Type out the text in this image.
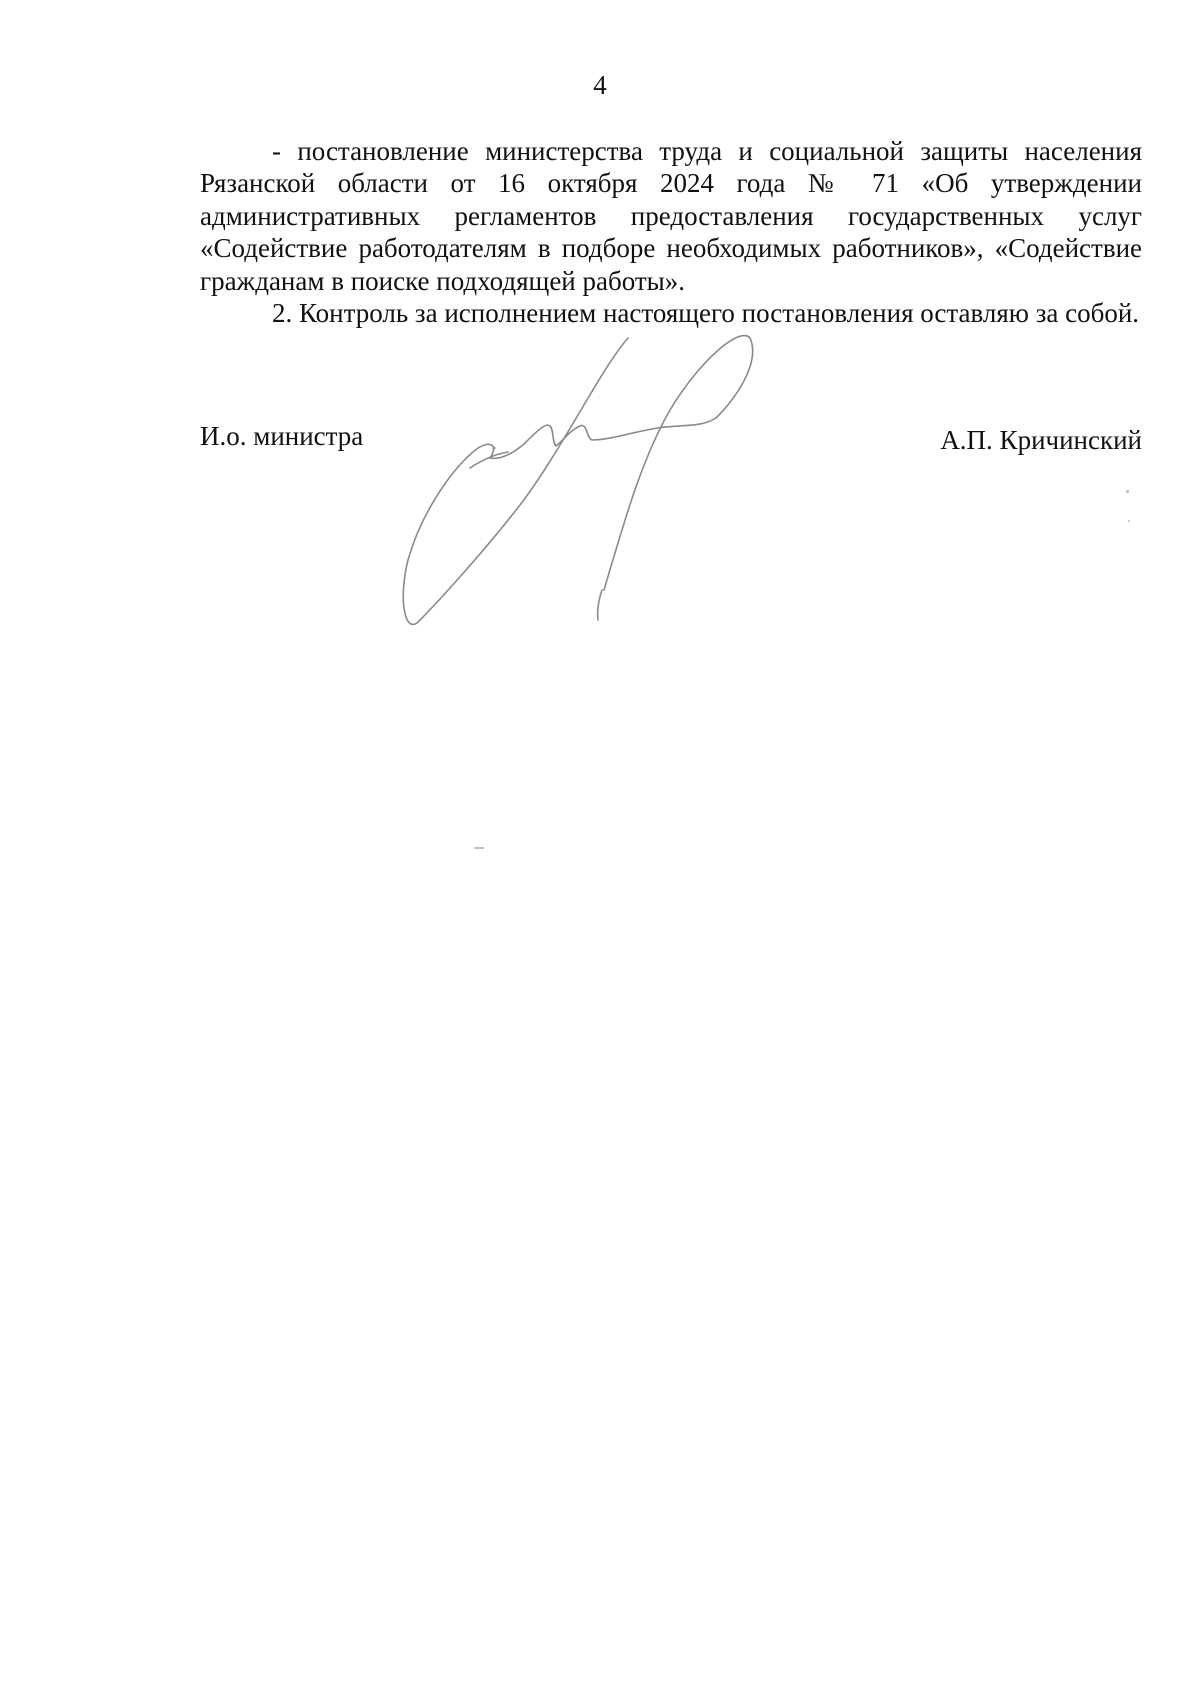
4

- постановление министерства труда и социальной защиты населения Рязанской области от 16 октября 2024 года № 71 «Об утверждении административных регламентов предоставления государственных услуг «Содействие работодателям в подборе необходимых работников», «Содействие гражданам в поиске подходящей работы».

2. Контроль за исполнением настоящего постановления оставляю за собой.

И.о. министра	А.П. Кричинский
